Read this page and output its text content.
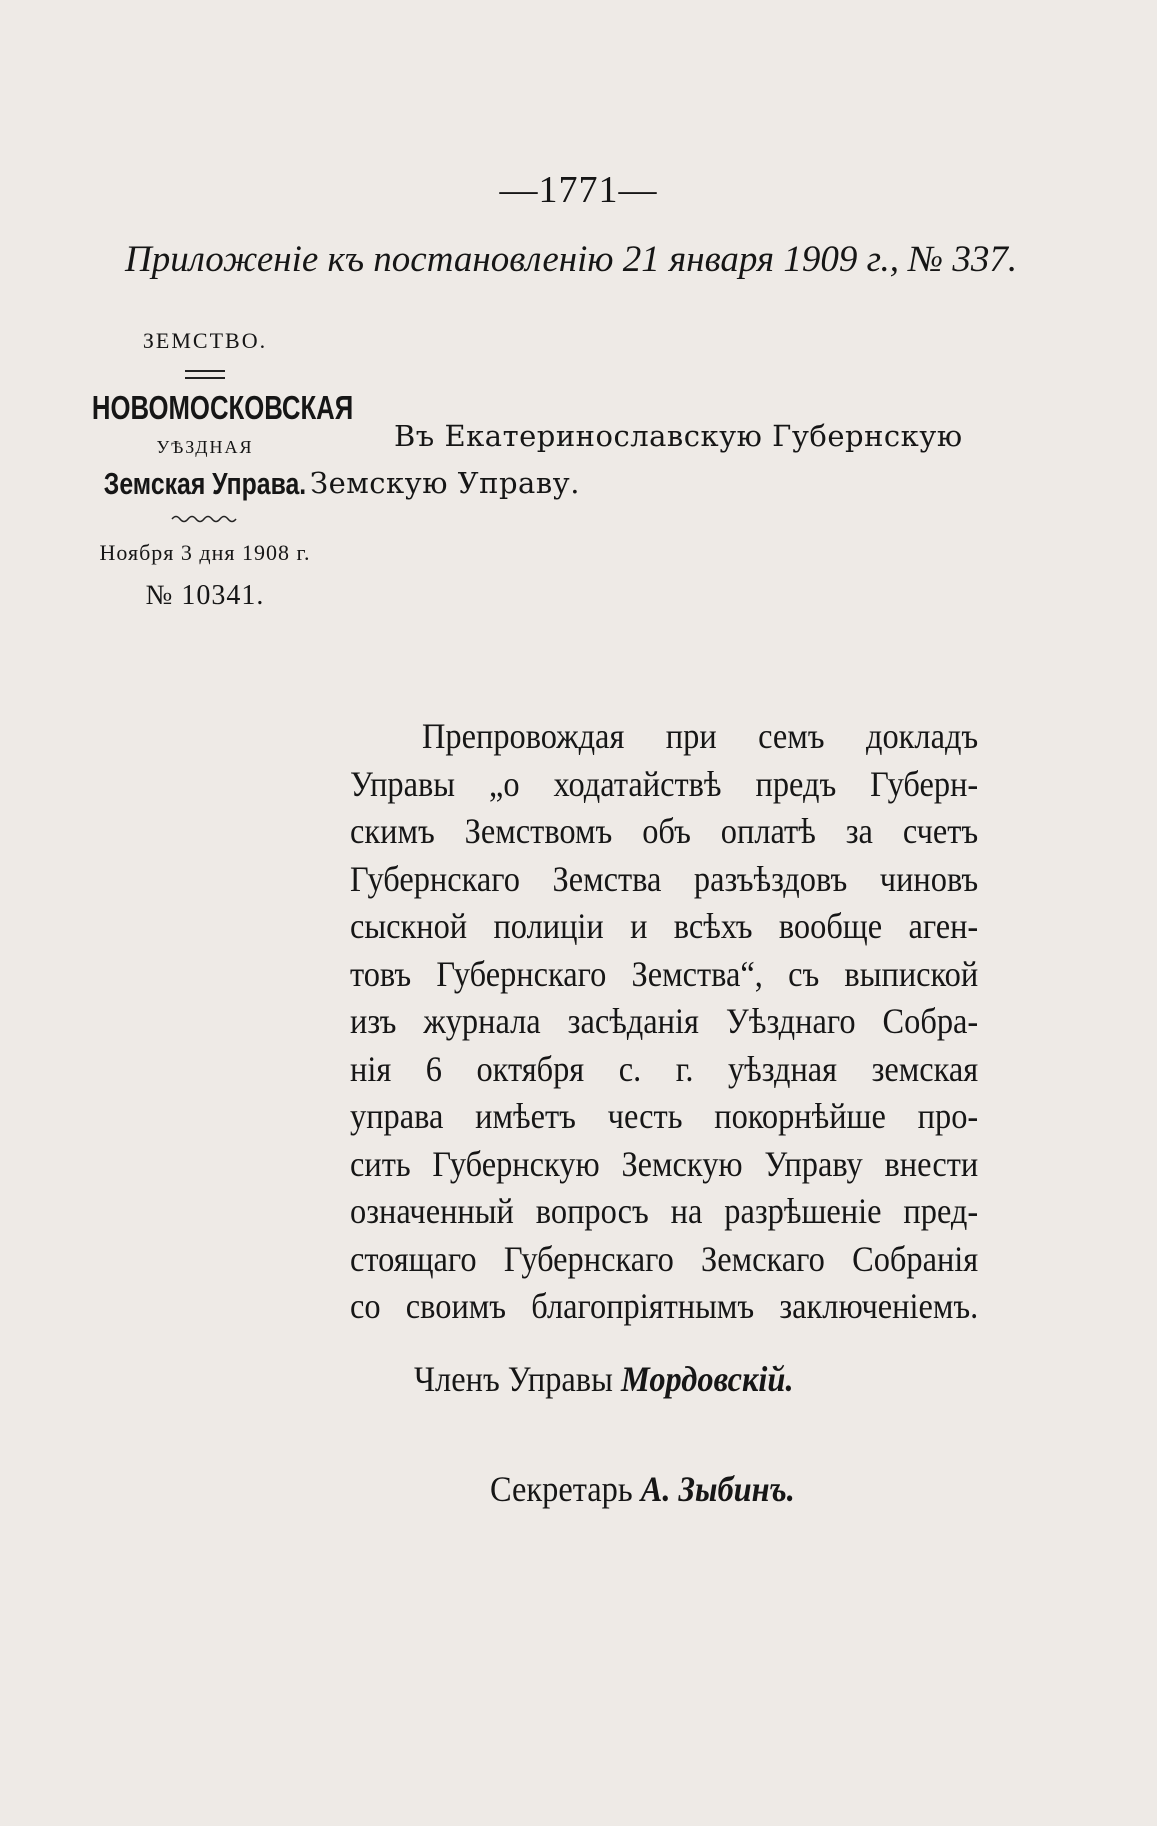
—1771—
Приложенiе къ постановленiю 21 января 1909 г., № 337.
ЗЕМСТВО.
НОВОМОСКОВСКАЯ
УѢЗДНАЯ
Земская Управа.
Ноября 3 дня 1908 г.
№ 10341.
Въ Екатеринославскую Губернскую
Земскую Управу.
Препровождая при семъ докладъ
Управы „о ходатайствѣ предъ Губерн-
скимъ Земствомъ объ оплатѣ за счетъ
Губернскаго Земства разъѣздовъ чиновъ
сыскной полицiи и всѣхъ вообще аген-
товъ Губернскаго Земства“, съ выпиской
изъ журнала засѣданiя Уѣзднаго Собра-
нiя 6 октября с. г. уѣздная земская
управа имѣетъ честь покорнѣйше про-
сить Губернскую Земскую Управу внести
означенный вопросъ на разрѣшенiе пред-
стоящаго Губернскаго Земскаго Собранiя
со своимъ благопрiятнымъ заключенiемъ.
Членъ Управы Мордовскiй.
Секретарь А. Зыбинъ.
